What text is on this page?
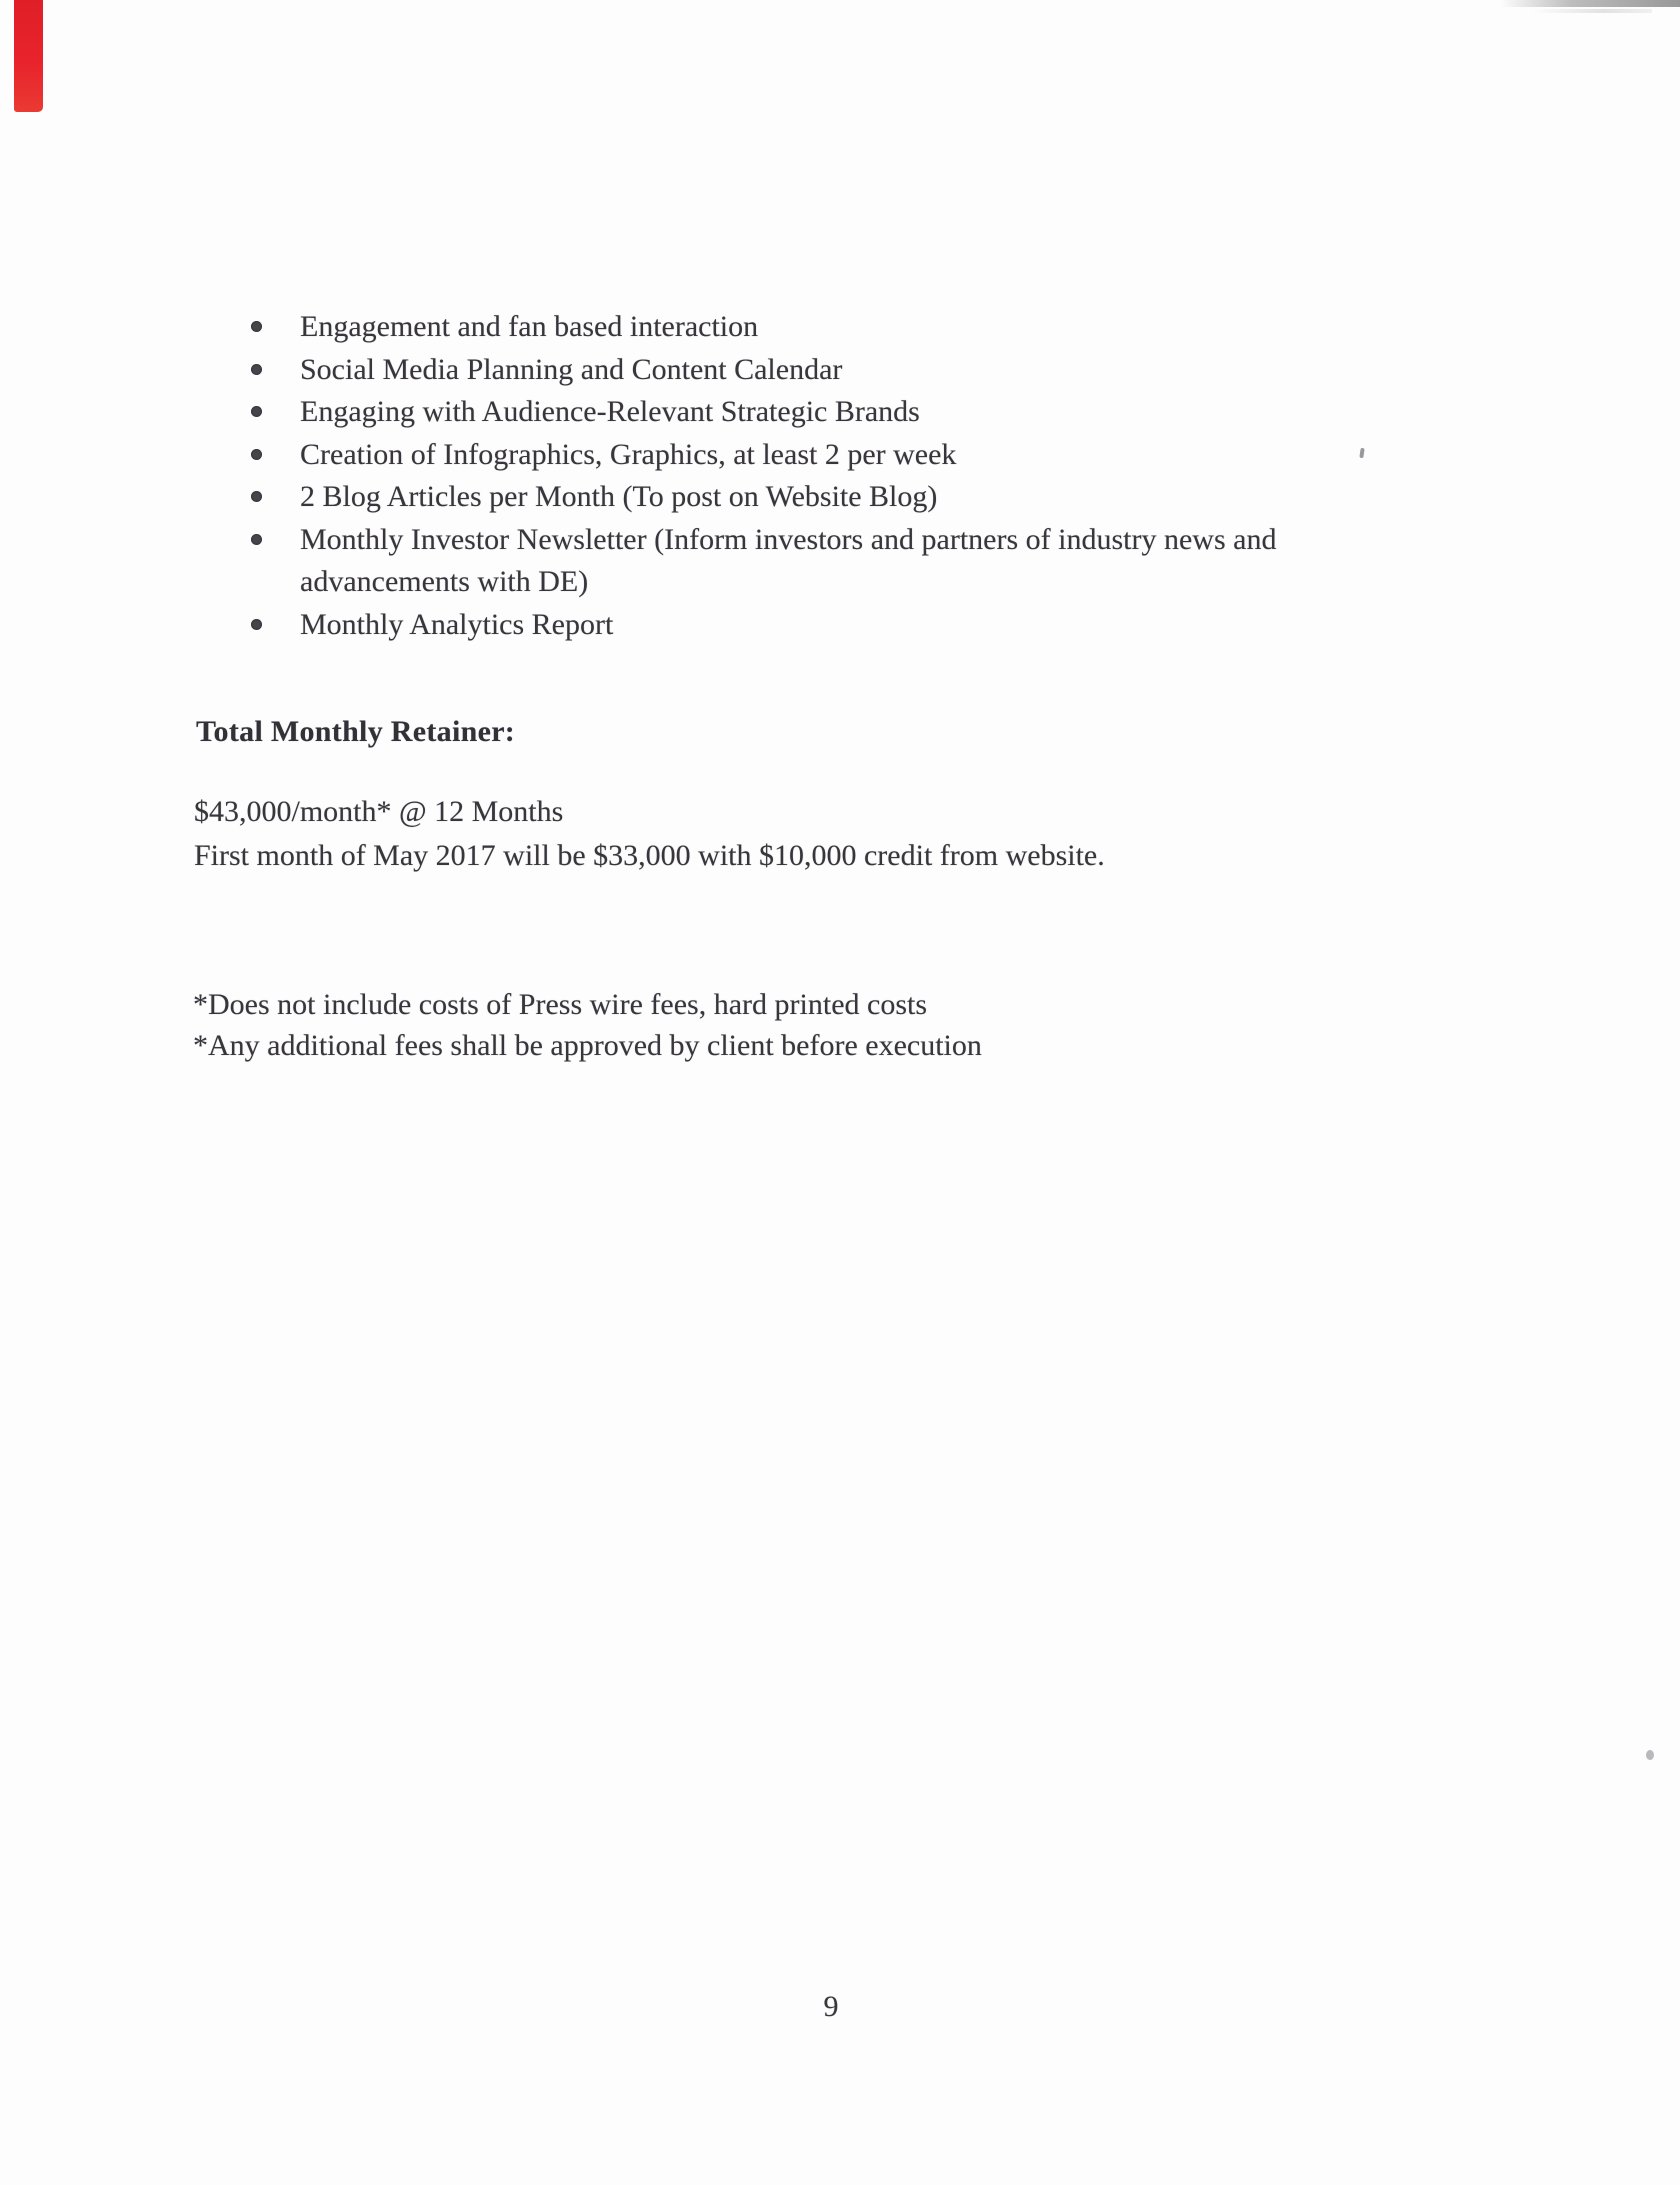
Engagement and fan based interaction
Social Media Planning and Content Calendar
Engaging with Audience-Relevant Strategic Brands
Creation of Infographics, Graphics, at least 2 per week
2 Blog Articles per Month (To post on Website Blog)
Monthly Investor Newsletter (Inform investors and partners of industry news and
advancements with DE)
Monthly Analytics Report
Total Monthly Retainer:

$43,000/month* @ 12 Months

First month of May 2017 will be $33,000 with $10,000 credit from website.

*Does not include costs of Press wire fees, hard printed costs

*Any additional fees shall be approved by client before execution

9
